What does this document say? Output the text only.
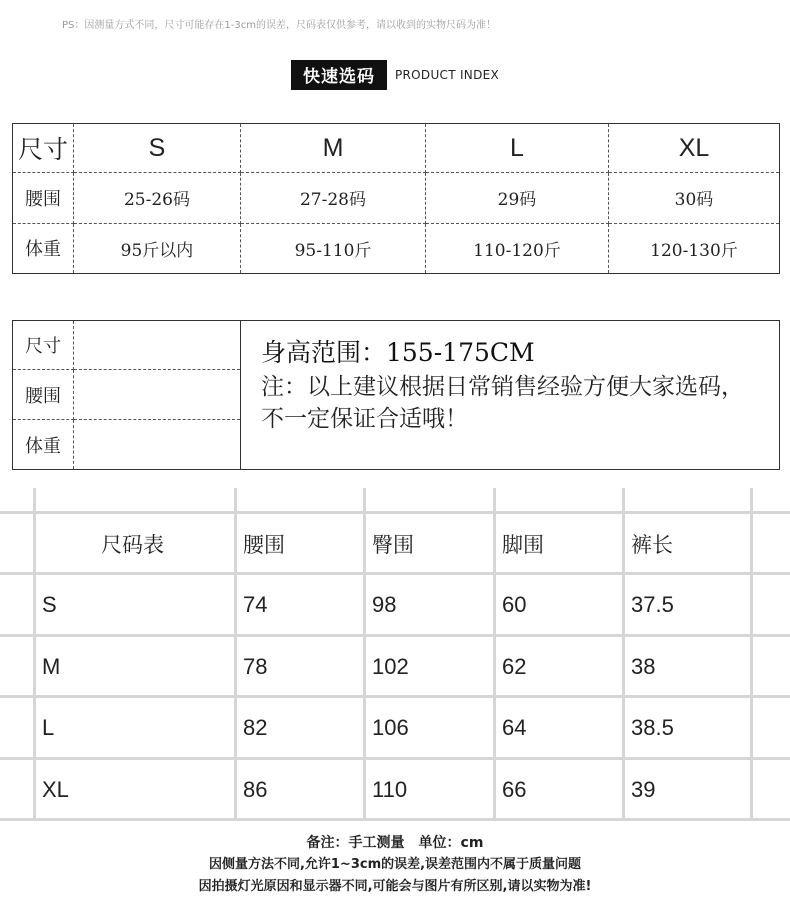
PS：因测量方式不同，尺寸可能存在1-3cm的误差，尺码表仅供参考，请以收到的实物尺码为准！
快速选码	PRODUCT INDEX
尺寸	S	M	L	XL
腰围	25-26码	27-28码	29码	30码
体重	95斤以内	95-110斤	110-120斤	120-130斤
尺寸		身高范围：155-175CM
注：以上建议根据日常销售经验方便大家选码，不一定保证合适哦！

腰围		
体重		
尺码表	腰围	臀围	脚围	裤长
S	74	98	60	37.5
M	78	102	62	38
L	82	106	64	38.5
XL	86	110	66	39
备注：手工测量　单位：cm
因侧量方法不同,允许1~3cm的误差,误差范围内不属于质量问题
因拍摄灯光原因和显示器不同,可能会与图片有所区别,请以实物为准!
